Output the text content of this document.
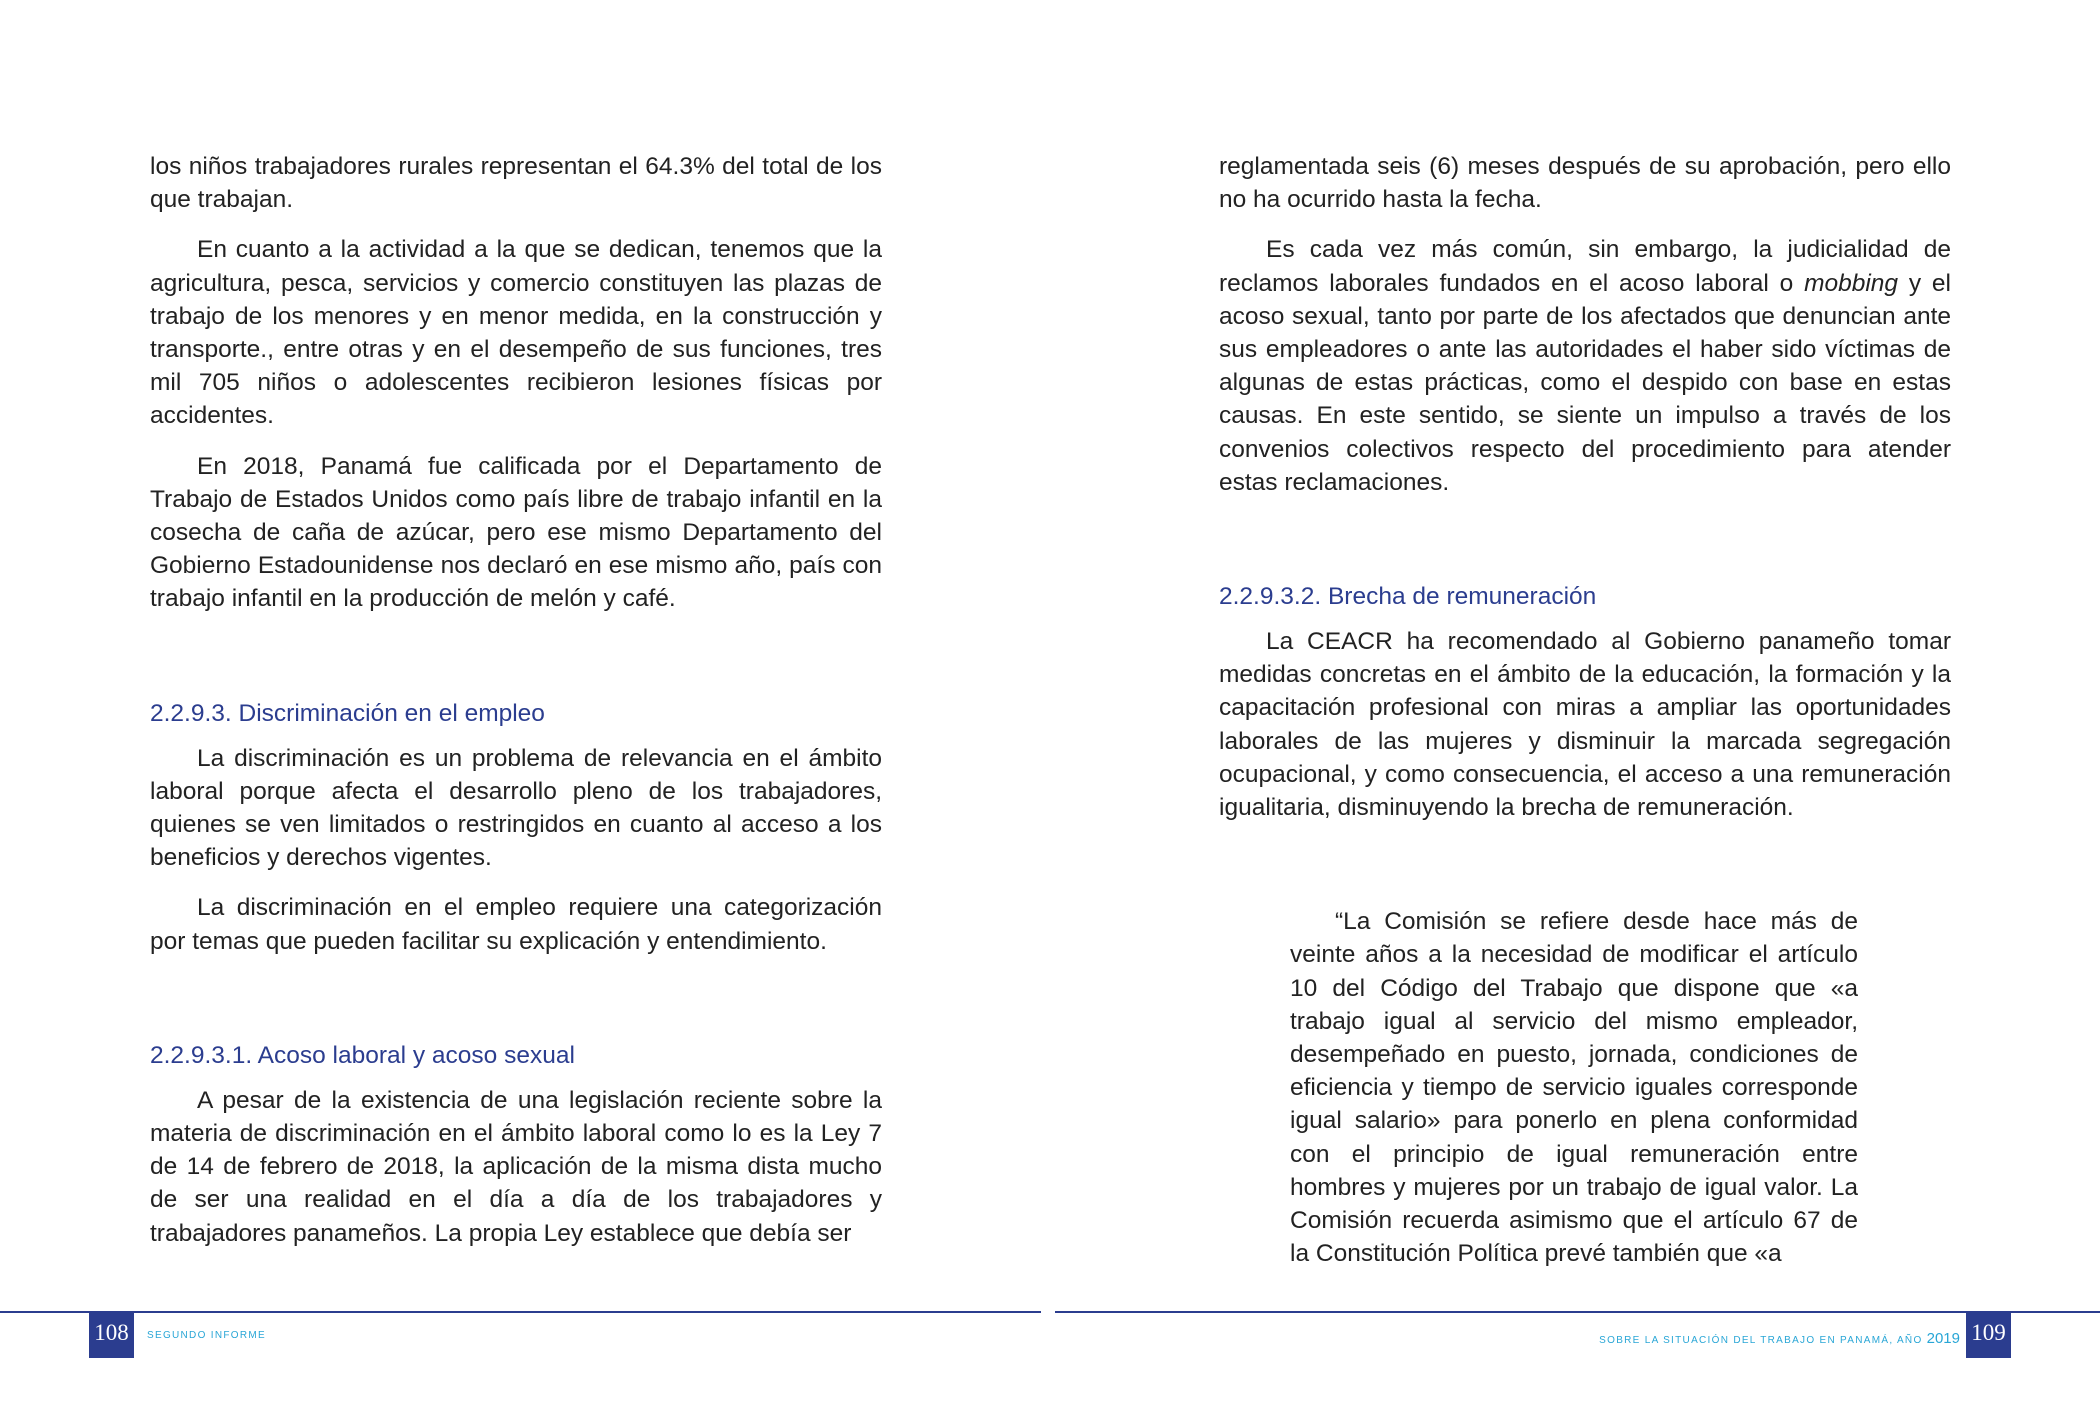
los niños trabajadores rurales representan el 64.3% del total de los que trabajan.

En cuanto a la actividad a la que se dedican, tenemos que la agricultura, pesca, servicios y comercio constituyen las plazas de trabajo de los menores y en menor medida, en la construcción y transporte., entre otras y en el desempeño de sus funciones, tres mil 705 niños o adolescentes recibieron lesiones físicas por accidentes.

En 2018, Panamá fue calificada por el Departamento de Trabajo de Estados Unidos como país libre de trabajo infantil en la cosecha de caña de azúcar, pero ese mismo Departamento del Gobierno Estadounidense nos declaró en ese mismo año, país con trabajo infantil en la producción de melón y café.

2.2.9.3. Discriminación en el empleo

La discriminación es un problema de relevancia en el ámbito laboral porque afecta el desarrollo pleno de los trabajadores, quienes se ven limitados o restringidos en cuanto al acceso a los beneficios y derechos vigentes.

La discriminación en el empleo requiere una categorización por temas que pueden facilitar su explicación y entendimiento.

2.2.9.3.1. Acoso laboral y acoso sexual

A pesar de la existencia de una legislación reciente sobre la materia de discriminación en el ámbito laboral como lo es la Ley 7 de 14 de febrero de 2018, la aplicación de la misma dista mucho de ser una realidad en el día a día de los trabajadores y trabajadores panameños. La propia Ley establece que debía ser

reglamentada seis (6) meses después de su aprobación, pero ello no ha ocurrido hasta la fecha.

Es cada vez más común, sin embargo, la judicialidad de reclamos laborales fundados en el acoso laboral o mobbing y el acoso sexual, tanto por parte de los afectados que denuncian ante sus empleadores o ante las autoridades el haber sido víctimas de algunas de estas prácticas, como el despido con base en estas causas. En este sentido, se siente un impulso a través de los convenios colectivos respecto del procedimiento para atender estas reclamaciones.

2.2.9.3.2. Brecha de remuneración

La CEACR ha recomendado al Gobierno panameño tomar medidas concretas en el ámbito de la educación, la formación y la capacitación profesional con miras a ampliar las oportunidades laborales de las mujeres y disminuir la marcada segregación ocupacional, y como consecuencia, el acceso a una remuneración igualitaria, disminuyendo la brecha de remuneración.

“La Comisión se refiere desde hace más de veinte años a la necesidad de modificar el artículo 10 del Código del Trabajo que dispone que «a trabajo igual al servicio del mismo empleador, desempeñado en puesto, jornada, condiciones de eficiencia y tiempo de servicio iguales corresponde igual salario» para ponerlo en plena conformidad con el principio de igual remuneración entre hombres y mujeres por un trabajo de igual valor. La Comisión recuerda asimismo que el artículo 67 de la Constitución Política prevé también que «a

108	SEGUNDO INFORME	SOBRE LA SITUACIÓN DEL TRABAJO EN PANAMÁ, AÑO 2019 109
